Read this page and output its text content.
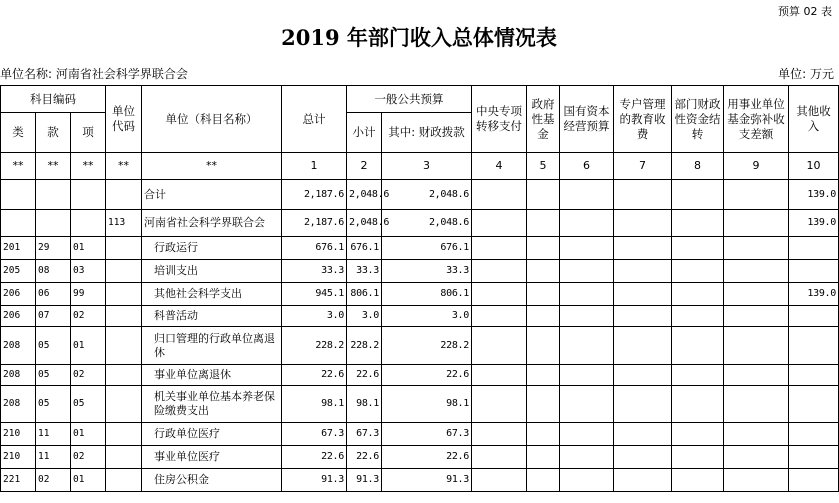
预算 02 表
2019 年部门收入总体情况表
单位名称: 河南省社会科学界联合会	单位: 万元
科目编码			单位代码	单位（科目名称）	总计	一般公共预算		中央专项转移支付	政府性基金	国有资本经营预算	专户管理的教育收费	部门财政性资金结转	用事业单位基金弥补收支差额	其他收入
类	款	项				小计	其中: 财政拨款							
**	**	**	**	**	1	2	3	4	5	6	7	8	9	10
				合计	2,187.6	2,048.6	2,048.6							139.0
			113	河南省社会科学界联合会	2,187.6	2,048.6	2,048.6							139.0
201	29	01		行政运行	676.1	676.1	676.1							
205	08	03		培训支出	33.3	33.3	33.3							
206	06	99		其他社会科学支出	945.1	806.1	806.1							139.0
206	07	02		科普活动	3.0	3.0	3.0							
208	05	01		归口管理的行政单位离退休	228.2	228.2	228.2							
208	05	02		事业单位离退休	22.6	22.6	22.6							
208	05	05		机关事业单位基本养老保险缴费支出	98.1	98.1	98.1							
210	11	01		行政单位医疗	67.3	67.3	67.3							
210	11	02		事业单位医疗	22.6	22.6	22.6							
221	02	01		住房公积金	91.3	91.3	91.3							
